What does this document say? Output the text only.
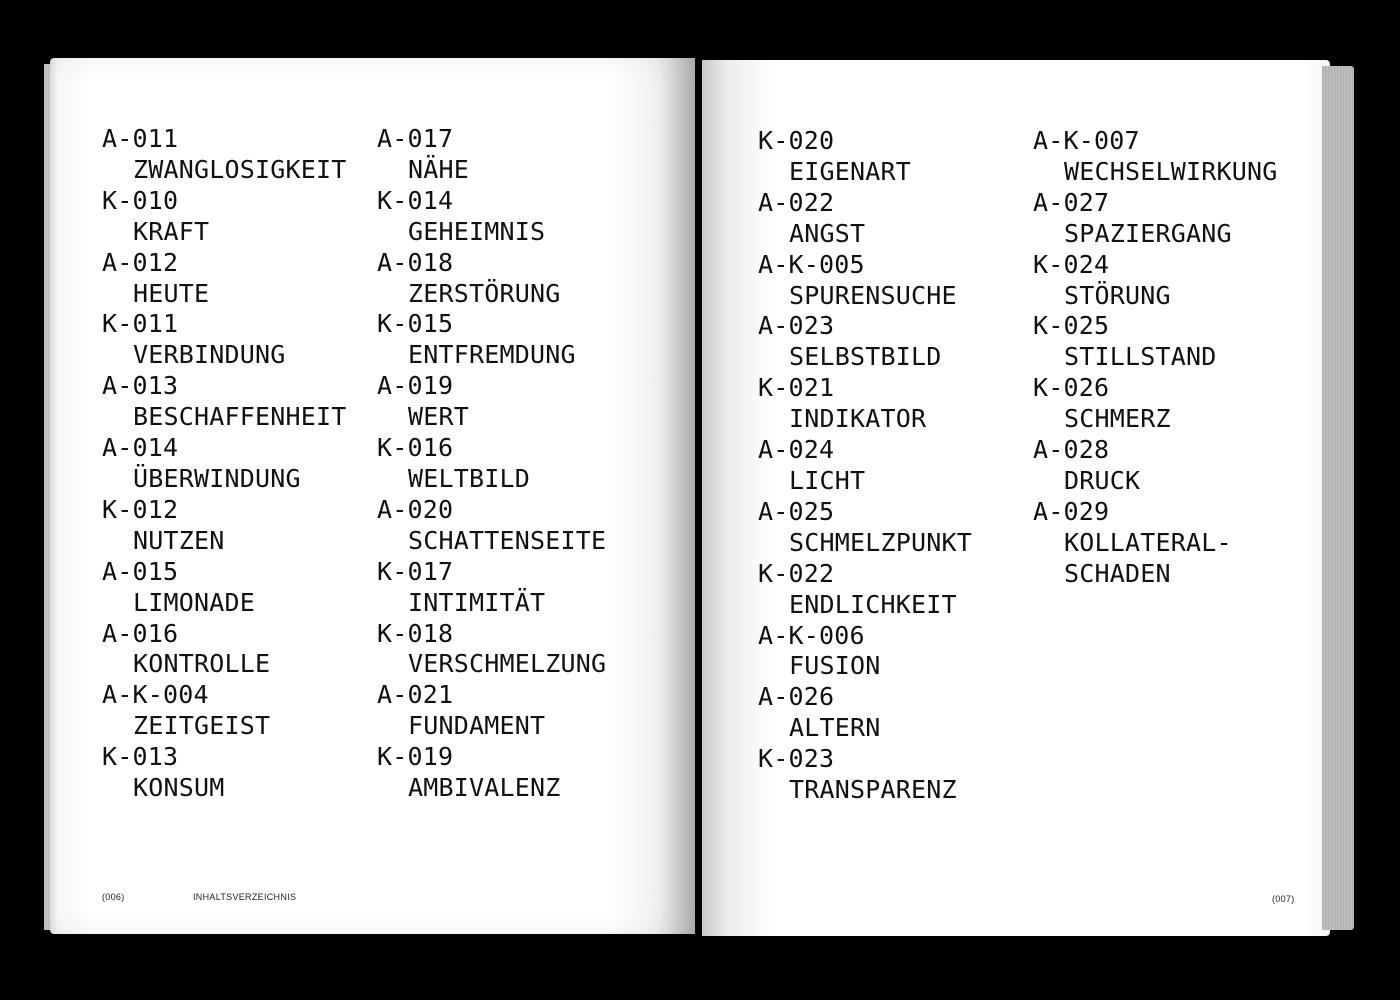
A-011
ZWANGLOSIGKEIT
K-010
KRAFT
A-012
HEUTE
K-011
VERBINDUNG
A-013
BESCHAFFENHEIT
A-014
ÜBERWINDUNG
K-012
NUTZEN
A-015
LIMONADE
A-016
KONTROLLE
A-K-004
ZEITGEIST
K-013
KONSUM
A-017
NÄHE
K-014
GEHEIMNIS
A-018
ZERSTÖRUNG
K-015
ENTFREMDUNG
A-019
WERT
K-016
WELTBILD
A-020
SCHATTENSEITE
K-017
INTIMITÄT
K-018
VERSCHMELZUNG
A-021
FUNDAMENT
K-019
AMBIVALENZ
(006)	INHALTSVERZEICHNIS
K-020
EIGENART
A-022
ANGST
A-K-005
SPURENSUCHE
A-023
SELBSTBILD
K-021
INDIKATOR
A-024
LICHT
A-025
SCHMELZPUNKT
K-022
ENDLICHKEIT
A-K-006
FUSION
A-026
ALTERN
K-023
TRANSPARENZ
A-K-007
WECHSELWIRKUNG
A-027
SPAZIERGANG
K-024
STÖRUNG
K-025
STILLSTAND
K-026
SCHMERZ
A-028
DRUCK
A-029
KOLLATERAL-
SCHADEN
(007)
